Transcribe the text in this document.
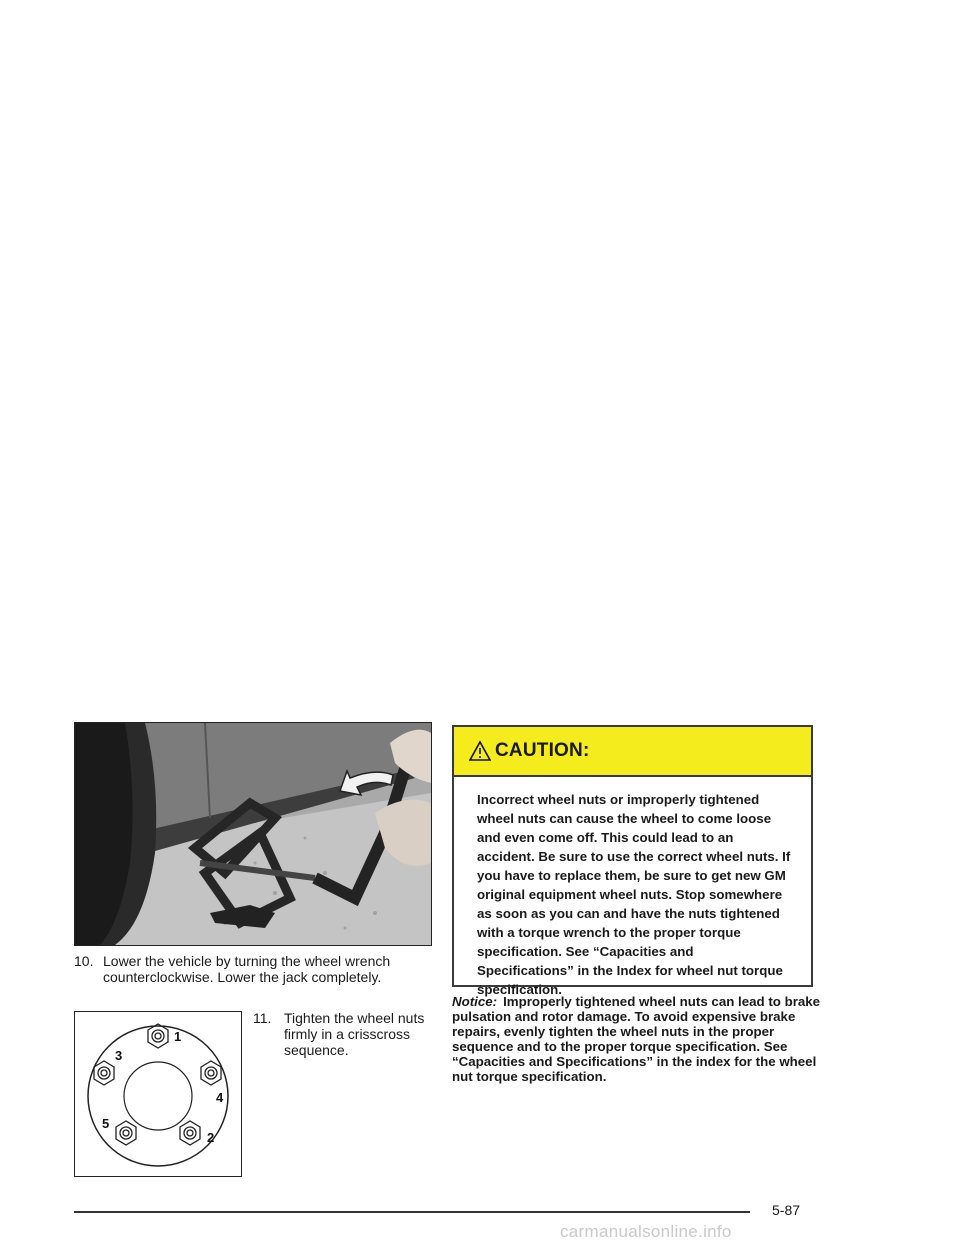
10. Lower the vehicle by turning the wheel wrench counterclockwise. Lower the jack completely.
1
2
3
4
5
11. Tighten the wheel nuts firmly in a crisscross sequence.
CAUTION:
Incorrect wheel nuts or improperly tightened wheel nuts can cause the wheel to come loose and even come off. This could lead to an accident. Be sure to use the correct wheel nuts. If you have to replace them, be sure to get new GM original equipment wheel nuts. Stop somewhere as soon as you can and have the nuts tightened with a torque wrench to the proper torque specification. See “Capacities and Specifications” in the Index for wheel nut torque specification.
Notice: Improperly tightened wheel nuts can lead to brake pulsation and rotor damage. To avoid expensive brake repairs, evenly tighten the wheel nuts in the proper sequence and to the proper torque specification. See “Capacities and Specifications” in the index for the wheel nut torque specification.
5-87
carmanualsonline.info
